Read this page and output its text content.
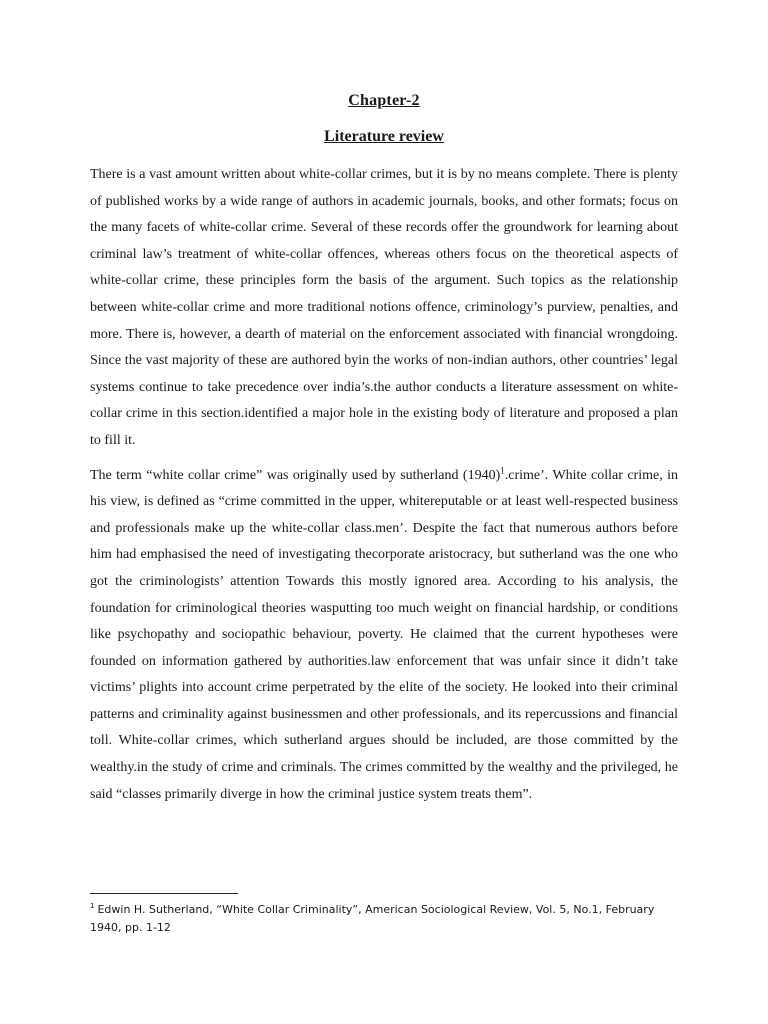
Chapter-2

Literature review

There is a vast amount written about white-collar crimes, but it is by no means complete. There is plenty of published works by a wide range of authors in academic journals, books, and other formats; focus on the many facets of white-collar crime. Several of these records offer the groundwork for learning about criminal law’s treatment of white-collar offences, whereas others focus on the theoretical aspects of white-collar crime, these principles form the basis of the argument. Such topics as the relationship between white-collar crime and more traditional notions offence, criminology’s purview, penalties, and more. There is, however, a dearth of material on the enforcement associated with financial wrongdoing. Since the vast majority of these are authored byin the works of non-indian authors, other countries’ legal systems continue to take precedence over india’s.the author conducts a literature assessment on white-collar crime in this section.identified a major hole in the existing body of literature and proposed a plan to fill it.

The term “white collar crime” was originally used by sutherland $(1940)^1.crime$’. White collar crime, in his view, is defined as “crime committed in the upper, whitereputable or at least well-respected business and professionals make up the white-collar class.men’. Despite the fact that numerous authors before him had emphasised the need of investigating thecorporate aristocracy, but sutherland was the one who got the criminologists’ attention Towards this mostly ignored area. According to his analysis, the foundation for criminological theories wasputting too much weight on financial hardship, or conditions like psychopathy and sociopathic behaviour, poverty. He claimed that the current hypotheses were founded on information gathered by authorities.law enforcement that was unfair since it didn’t take victims’ plights into account crime perpetrated by the elite of the society. He looked into their criminal patterns and criminality against businessmen and other professionals, and its repercussions and financial toll. White-collar crimes, which sutherland argues should be included, are those committed by the wealthy.in the study of crime and criminals. The crimes committed by the wealthy and the privileged, he said “classes primarily diverge in how the criminal justice system treats them”.

$^1$ Edwin H. Sutherland, “White Collar Criminality”, American Sociological Review, Vol. 5, No.1, February 1940, pp. 1-12
